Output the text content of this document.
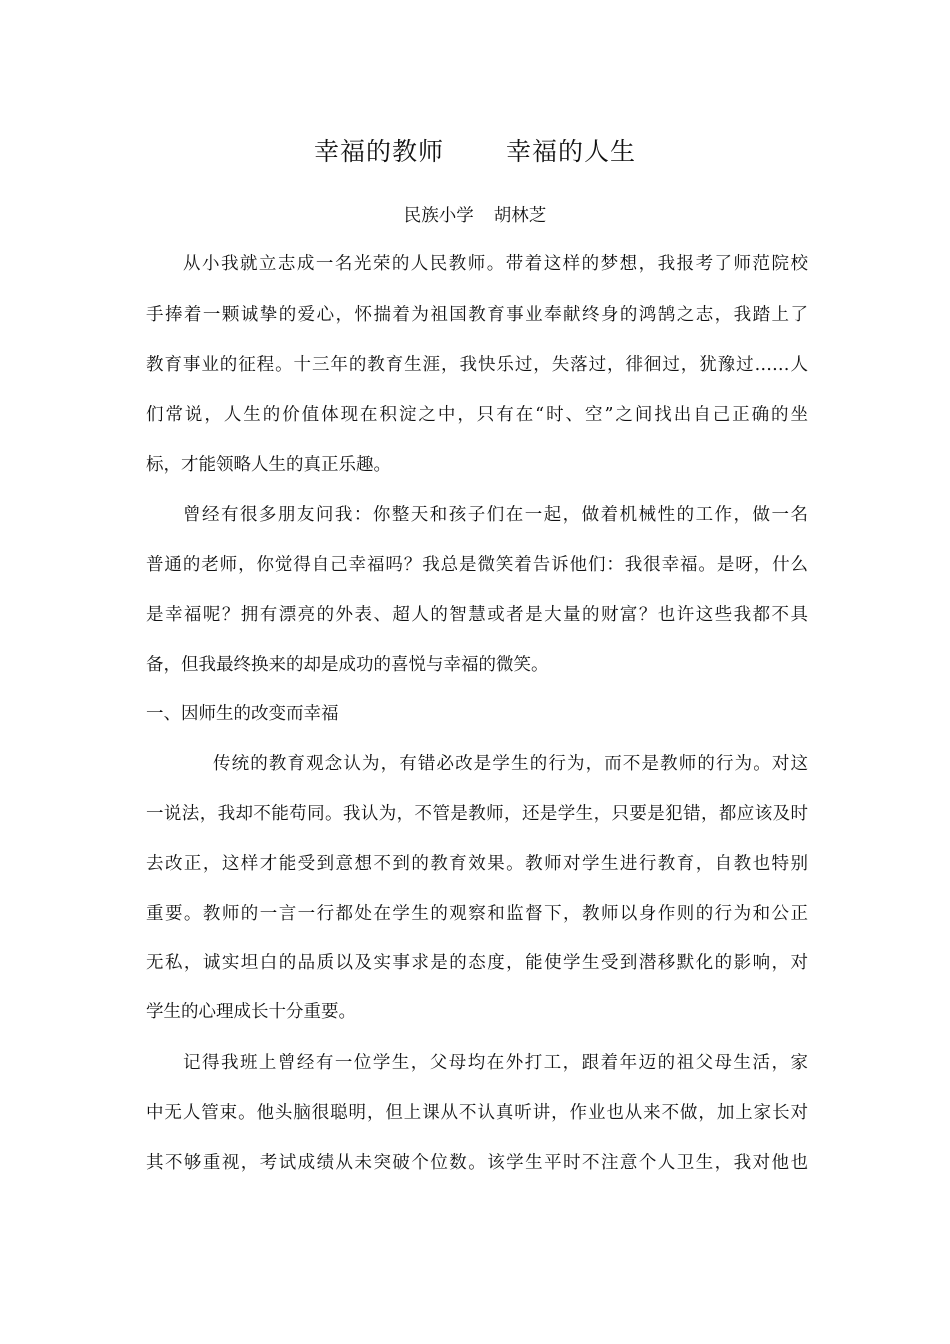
幸福的教师 幸福的人生
民族小学 胡林芝
从小我就立志成一名光荣的人民教师。带着这样的梦想，我报考了师范院校
手捧着一颗诚挚的爱心，怀揣着为祖国教育事业奉献终身的鸿鹄之志，我踏上了
教育事业的征程。十三年的教育生涯，我快乐过，失落过，徘徊过，犹豫过……人
们常说，人生的价值体现在积淀之中，只有在“时、空”之间找出自己正确的坐
标，才能领略人生的真正乐趣。
曾经有很多朋友问我：你整天和孩子们在一起，做着机械性的工作，做一名
普通的老师，你觉得自己幸福吗？我总是微笑着告诉他们：我很幸福。是呀，什么
是幸福呢？拥有漂亮的外表、超人的智慧或者是大量的财富？也许这些我都不具
备，但我最终换来的却是成功的喜悦与幸福的微笑。
一、因师生的改变而幸福
传统的教育观念认为，有错必改是学生的行为，而不是教师的行为。对这
一说法，我却不能苟同。我认为，不管是教师，还是学生，只要是犯错，都应该及时
去改正，这样才能受到意想不到的教育效果。教师对学生进行教育，自教也特别
重要。教师的一言一行都处在学生的观察和监督下，教师以身作则的行为和公正
无私，诚实坦白的品质以及实事求是的态度，能使学生受到潜移默化的影响，对
学生的心理成长十分重要。
记得我班上曾经有一位学生，父母均在外打工，跟着年迈的祖父母生活，家
中无人管束。他头脑很聪明，但上课从不认真听讲，作业也从来不做，加上家长对
其不够重视，考试成绩从未突破个位数。该学生平时不注意个人卫生，我对他也
